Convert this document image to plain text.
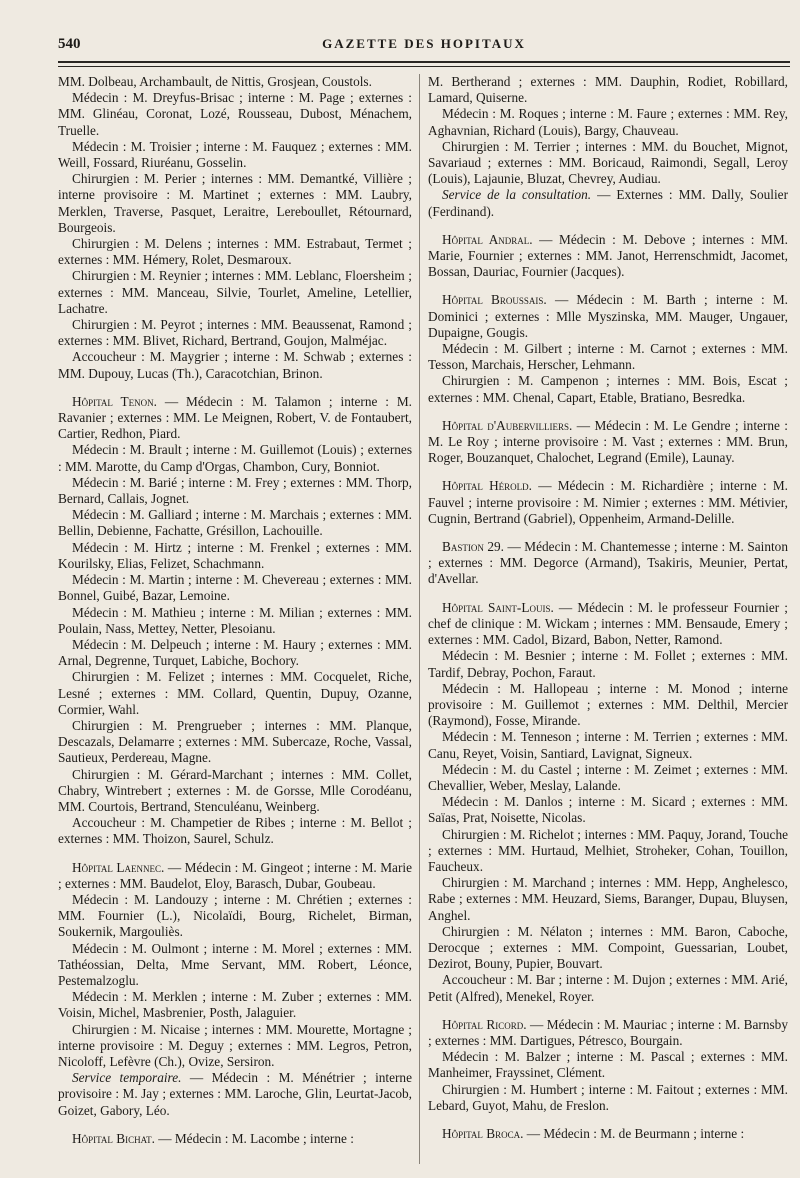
540	GAZETTE DES HOPITAUX

MM. Dolbeau, Archambault, de Nittis, Grosjean, Coustols.

Médecin : M. Dreyfus-Brisac ; interne : M. Page ; externes : MM. Glinéau, Coronat, Lozé, Rousseau, Dubost, Ménachem, Truelle.

Médecin : M. Troisier ; interne : M. Fauquez ; externes : MM. Weill, Fossard, Riuréanu, Gosselin.

Chirurgien : M. Perier ; internes : MM. Demantké, Villière ; interne provisoire : M. Martinet ; externes : MM. Laubry, Merklen, Traverse, Pasquet, Leraitre, Lereboullet, Rétournard, Bourgeois.

Chirurgien : M. Delens ; internes : MM. Estrabaut, Termet ; externes : MM. Hémery, Rolet, Desmaroux.

Chirurgien : M. Reynier ; internes : MM. Leblanc, Floersheim ; externes : MM. Manceau, Silvie, Tourlet, Ameline, Letellier, Lachatre.

Chirurgien : M. Peyrot ; internes : MM. Beaussenat, Ramond ; externes : MM. Blivet, Richard, Bertrand, Goujon, Malméjac.

Accoucheur : M. Maygrier ; interne : M. Schwab ; externes : MM. Dupouy, Lucas (Th.), Caracotchian, Brinon.

Hôpital Tenon. — Médecin : M. Talamon ; interne : M. Ravanier ; externes : MM. Le Meignen, Robert, V. de Fontaubert, Cartier, Redhon, Piard.

Médecin : M. Brault ; interne : M. Guillemot (Louis) ; externes : MM. Marotte, du Camp d'Orgas, Chambon, Cury, Bonniot.

Médecin : M. Barié ; interne : M. Frey ; externes : MM. Thorp, Bernard, Callais, Jognet.

Médecin : M. Galliard ; interne : M. Marchais ; externes : MM. Bellin, Debienne, Fachatte, Grésillon, Lachouille.

Médecin : M. Hirtz ; interne : M. Frenkel ; externes : MM. Kourilsky, Elias, Felizet, Schachmann.

Médecin : M. Martin ; interne : M. Chevereau ; externes : MM. Bonnel, Guibé, Bazar, Lemoine.

Médecin : M. Mathieu ; interne : M. Milian ; externes : MM. Poulain, Nass, Mettey, Netter, Plesoianu.

Médecin : M. Delpeuch ; interne : M. Haury ; externes : MM. Arnal, Degrenne, Turquet, Labiche, Bochory.

Chirurgien : M. Felizet ; internes : MM. Cocquelet, Riche, Lesné ; externes : MM. Collard, Quentin, Dupuy, Ozanne, Cormier, Wahl.

Chirurgien : M. Prengrueber ; internes : MM. Planque, Descazals, Delamarre ; externes : MM. Subercaze, Roche, Vassal, Sautieux, Perdereau, Magne.

Chirurgien : M. Gérard-Marchant ; internes : MM. Collet, Chabry, Wintrebert ; externes : M. de Gorsse, Mlle Corodéanu, MM. Courtois, Bertrand, Stenculéanu, Weinberg.

Accoucheur : M. Champetier de Ribes ; interne : M. Bellot ; externes : MM. Thoizon, Saurel, Schulz.

Hôpital Laennec. — Médecin : M. Gingeot ; interne : M. Marie ; externes : MM. Baudelot, Eloy, Barasch, Dubar, Goubeau.

Médecin : M. Landouzy ; interne : M. Chrétien ; externes : MM. Fournier (L.), Nicolaïdi, Bourg, Richelet, Birman, Soukernik, Margouliès.

Médecin : M. Oulmont ; interne : M. Morel ; externes : MM. Tathéossian, Delta, Mme Servant, MM. Robert, Léonce, Pestemalzoglu.

Médecin : M. Merklen ; interne : M. Zuber ; externes : MM. Voisin, Michel, Masbrenier, Posth, Jalaguier.

Chirurgien : M. Nicaise ; internes : MM. Mourette, Mortagne ; interne provisoire : M. Deguy ; externes : MM. Legros, Petron, Nicoloff, Lefèvre (Ch.), Ovize, Sersiron.

Service temporaire. — Médecin : M. Ménétrier ; interne provisoire : M. Jay ; externes : MM. Laroche, Glin, Leurtat-Jacob, Goizet, Gabory, Léo.

Hôpital Bichat. — Médecin : M. Lacombe ; interne :

M. Bertherand ; externes : MM. Dauphin, Rodiet, Robillard, Lamard, Quiserne.

Médecin : M. Roques ; interne : M. Faure ; externes : MM. Rey, Aghavnian, Richard (Louis), Bargy, Chauveau.

Chirurgien : M. Terrier ; internes : MM. du Bouchet, Mignot, Savariaud ; externes : MM. Boricaud, Raimondi, Segall, Leroy (Louis), Lajaunie, Bluzat, Chevrey, Audiau.

Service de la consultation. — Externes : MM. Dally, Soulier (Ferdinand).

Hôpital Andral. — Médecin : M. Debove ; internes : MM. Marie, Fournier ; externes : MM. Janot, Herrenschmidt, Jacomet, Bossan, Dauriac, Fournier (Jacques).

Hôpital Broussais. — Médecin : M. Barth ; interne : M. Dominici ; externes : Mlle Myszinska, MM. Mauger, Ungauer, Dupaigne, Gougis.

Médecin : M. Gilbert ; interne : M. Carnot ; externes : MM. Tesson, Marchais, Herscher, Lehmann.

Chirurgien : M. Campenon ; internes : MM. Bois, Escat ; externes : MM. Chenal, Capart, Etable, Bratiano, Besredka.

Hôpital d'Aubervilliers. — Médecin : M. Le Gendre ; interne : M. Le Roy ; interne provisoire : M. Vast ; externes : MM. Brun, Roger, Bouzanquet, Chalochet, Legrand (Emile), Launay.

Hôpital Hérold. — Médecin : M. Richardière ; interne : M. Fauvel ; interne provisoire : M. Nimier ; externes : MM. Métivier, Cugnin, Bertrand (Gabriel), Oppenheim, Armand-Delille.

Bastion 29. — Médecin : M. Chantemesse ; interne : M. Sainton ; externes : MM. Degorce (Armand), Tsakiris, Meunier, Pertat, d'Avellar.

Hôpital Saint-Louis. — Médecin : M. le professeur Fournier ; chef de clinique : M. Wickam ; internes : MM. Bensaude, Emery ; externes : MM. Cadol, Bizard, Babon, Netter, Ramond.

Médecin : M. Besnier ; interne : M. Follet ; externes : MM. Tardif, Debray, Pochon, Faraut.

Médecin : M. Hallopeau ; interne : M. Monod ; interne provisoire : M. Guillemot ; externes : MM. Delthil, Mercier (Raymond), Fosse, Mirande.

Médecin : M. Tenneson ; interne : M. Terrien ; externes : MM. Canu, Reyet, Voisin, Santiard, Lavignat, Signeux.

Médecin : M. du Castel ; interne : M. Zeimet ; externes : MM. Chevallier, Weber, Meslay, Lalande.

Médecin : M. Danlos ; interne : M. Sicard ; externes : MM. Saïas, Prat, Noisette, Nicolas.

Chirurgien : M. Richelot ; internes : MM. Paquy, Jorand, Touche ; externes : MM. Hurtaud, Melhiet, Stroheker, Cohan, Touillon, Faucheux.

Chirurgien : M. Marchand ; internes : MM. Hepp, Anghelesco, Rabe ; externes : MM. Heuzard, Siems, Baranger, Dupau, Bluysen, Anghel.

Chirurgien : M. Nélaton ; internes : MM. Baron, Caboche, Derocque ; externes : MM. Compoint, Guessarian, Loubet, Dezirot, Bouny, Pupier, Bouvart.

Accoucheur : M. Bar ; interne : M. Dujon ; externes : MM. Arié, Petit (Alfred), Menekel, Royer.

Hôpital Ricord. — Médecin : M. Mauriac ; interne : M. Barnsby ; externes : MM. Dartigues, Pétresco, Bourgain.

Médecin : M. Balzer ; interne : M. Pascal ; externes : MM. Manheimer, Frayssinet, Clément.

Chirurgien : M. Humbert ; interne : M. Faitout ; externes : MM. Lebard, Guyot, Mahu, de Freslon.

Hôpital Broca. — Médecin : M. de Beurmann ; interne :
